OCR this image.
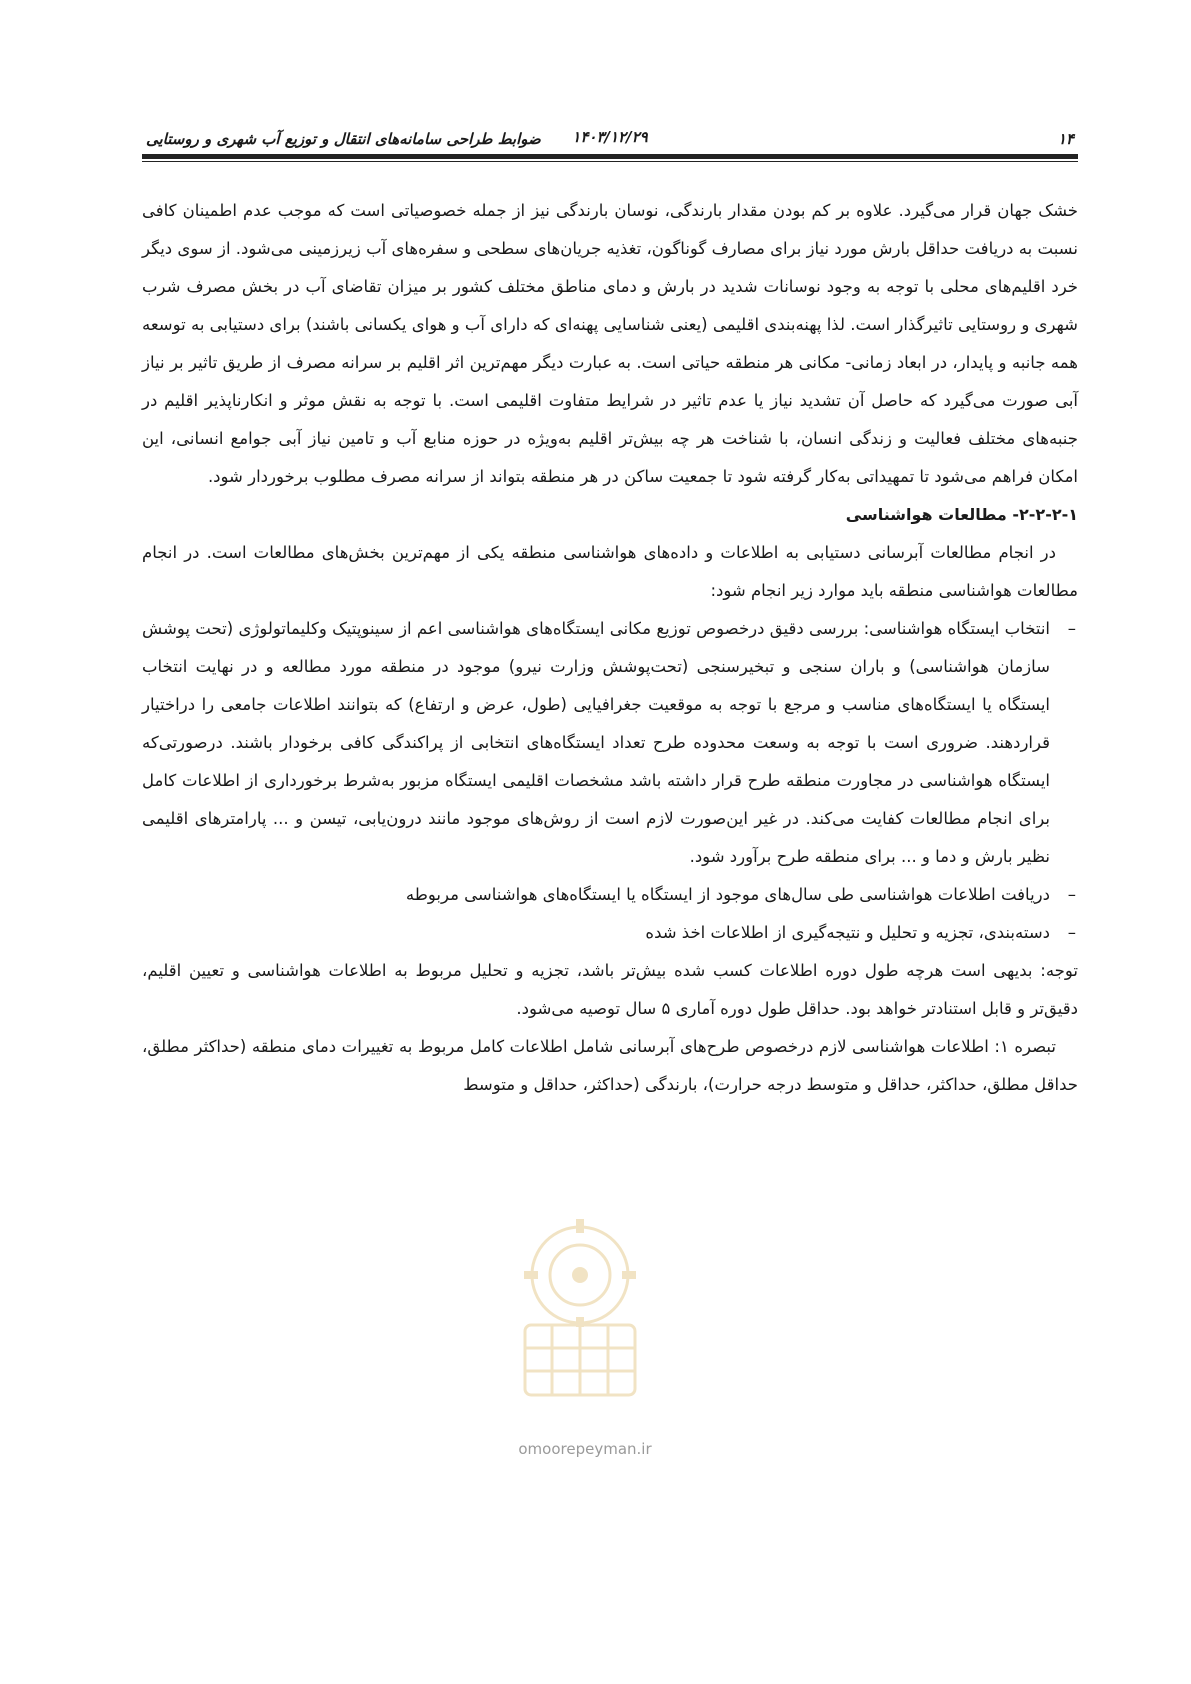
۱۴
۱۴۰۳/۱۲/۲۹
ضوابط طراحی سامانه‌های انتقال و توزیع آب شهری و روستایی

خشک جهان قرار می‌گیرد. علاوه بر کم بودن مقدار بارندگی، نوسان بارندگی نیز از جمله خصوصیاتی است که موجب عدم اطمینان کافی نسبت به دریافت حداقل بارش مورد نیاز برای مصارف گوناگون، تغذیه جریان‌های سطحی و سفره‌های آب زیرزمینی می‌شود. از سوی دیگر خرد اقلیم‌های محلی با توجه به وجود نوسانات شدید در بارش و دمای مناطق مختلف کشور بر میزان تقاضای آب در بخش مصرف شرب شهری و روستایی تاثیرگذار است. لذا پهنه‌بندی اقلیمی (یعنی شناسایی پهنه‌ای که دارای آب و هوای یکسانی باشند) برای دستیابی به توسعه همه جانبه و پایدار، در ابعاد زمانی- مکانی هر منطقه حیاتی است. به عبارت دیگر مهم‌ترین اثر اقلیم بر سرانه مصرف از طریق تاثیر بر نیاز آبی صورت می‌گیرد که حاصل آن تشدید نیاز یا عدم تاثیر در شرایط متفاوت اقلیمی است. با توجه به نقش موثر و انکارناپذیر اقلیم در جنبه‌های مختلف فعالیت و زندگی انسان، با شناخت هر چه بیش‌تر اقلیم به‌ویژه در حوزه منابع آب و تامین نیاز آبی جوامع انسانی، این امکان فراهم می‌شود تا تمهیداتی به‌کار گرفته شود تا جمعیت ساکن در هر منطقه بتواند از سرانه مصرف مطلوب برخوردار شود.

۲-۲-۲-۱- مطالعات هواشناسی

در انجام مطالعات آبرسانی دستیابی به اطلاعات و داده‌های هواشناسی منطقه یکی از مهم‌ترین بخش‌های مطالعات است. در انجام مطالعات هواشناسی منطقه باید موارد زیر انجام شود:

– انتخاب ایستگاه هواشناسی: بررسی دقیق درخصوص توزیع مکانی ایستگاه‌های هواشناسی اعم از سینوپتیک وکلیماتولوژی (تحت پوشش سازمان هواشناسی) و باران سنجی و تبخیرسنجی (تحت‌پوشش وزارت نیرو) موجود در منطقه مورد مطالعه و در نهایت انتخاب ایستگاه یا ایستگاه‌های مناسب و مرجع با توجه به موقعیت جغرافیایی (طول، عرض و ارتفاع) که بتوانند اطلاعات جامعی را دراختیار قراردهند. ضروری است با توجه به وسعت محدوده طرح تعداد ایستگاه‌های انتخابی از پراکندگی کافی برخودار باشند. درصورتی‌که ایستگاه هواشناسی در مجاورت منطقه طرح قرار داشته باشد مشخصات اقلیمی ایستگاه مزبور به‌شرط برخورداری از اطلاعات کامل برای انجام مطالعات کفایت می‌کند. در غیر این‌صورت لازم است از روش‌های موجود مانند درون‌یابی، تیسن و ... پارامترهای اقلیمی نظیر بارش و دما و ... برای منطقه طرح برآورد شود.
– دریافت اطلاعات هواشناسی طی سال‌های موجود از ایستگاه یا ایستگاه‌های هواشناسی مربوطه
– دسته‌بندی، تجزیه و تحلیل و نتیجه‌گیری از اطلاعات اخذ شده

توجه: بدیهی است هرچه طول دوره اطلاعات کسب شده بیش‌تر باشد، تجزیه و تحلیل مربوط به اطلاعات هواشناسی و تعیین اقلیم، دقیق‌تر و قابل استنادتر خواهد بود. حداقل طول دوره آماری ۵ سال توصیه می‌شود.

تبصره ۱: اطلاعات هواشناسی لازم درخصوص طرح‌های آبرسانی شامل اطلاعات کامل مربوط به تغییرات دمای منطقه (حداکثر مطلق، حداقل مطلق، حداکثر، حداقل و متوسط درجه حرارت)، بارندگی (حداکثر، حداقل و متوسط

omoorepeyman.ir
